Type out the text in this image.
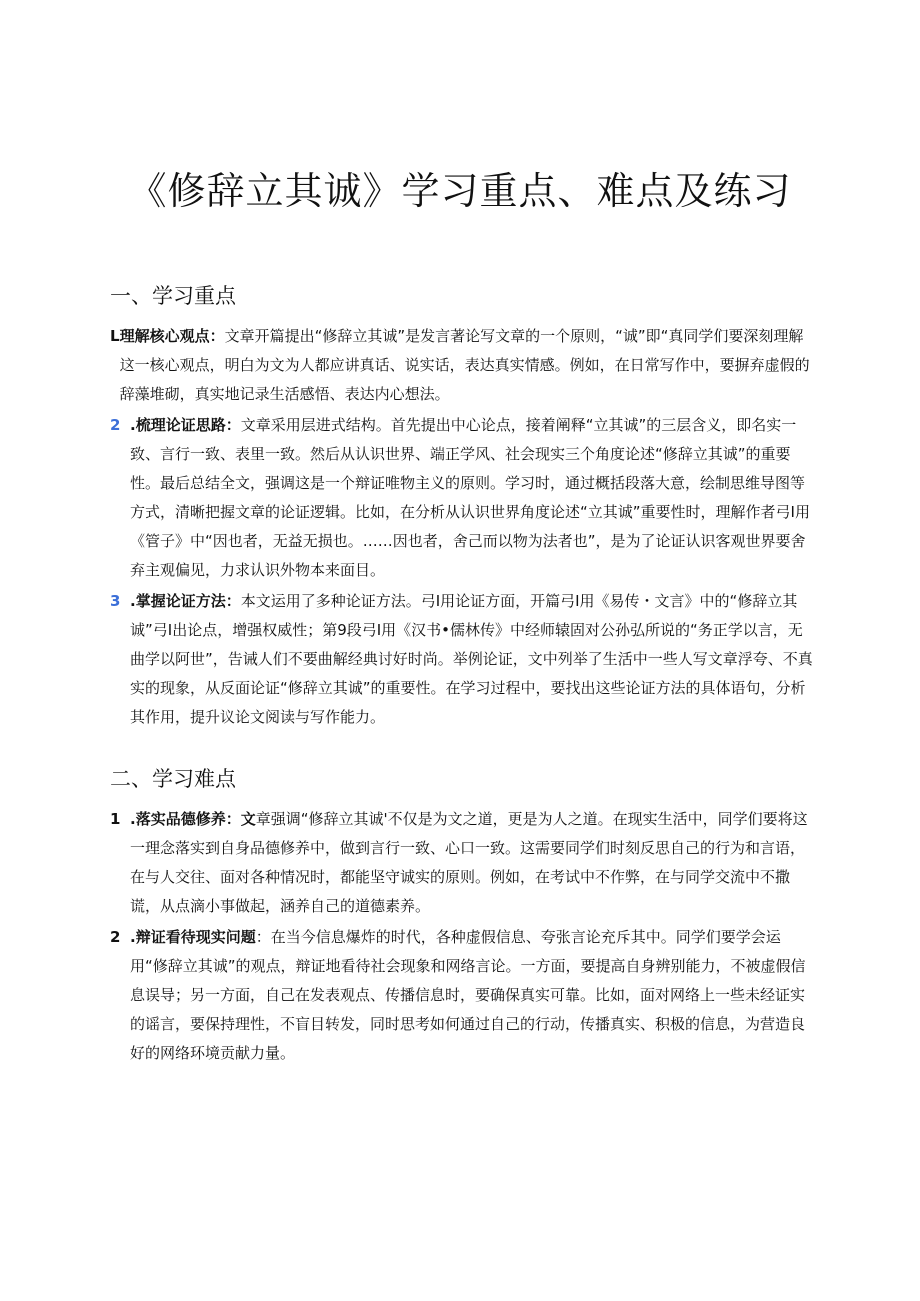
《修辞立其诚》学习重点、难点及练习
一、学习重点
L 理解核心观点：文章开篇提出“修辞立其诚”是发言著论写文章的一个原则，“诚”即“真同学们要深刻理解这一核心观点，明白为文为人都应讲真话、说实话，表达真实情感。例如，在日常写作中，要摒弃虚假的辞藻堆砌，真实地记录生活感悟、表达内心想法。
2 .梳理论证思路：文章采用层进式结构。首先提出中心论点，接着阐释“立其诚”的三层含义，即名实一致、言行一致、表里一致。然后从认识世界、端正学风、社会现实三个角度论述“修辞立其诚”的重要性。最后总结全文，强调这是一个辩证唯物主义的原则。学习时，通过概括段落大意，绘制思维导图等方式，清晰把握文章的论证逻辑。比如，在分析从认识世界角度论述“立其诚”重要性时，理解作者弓I用《管子》中“因也者，无益无损也。……因也者，舍己而以物为法者也”，是为了论证认识客观世界要舍弃主观偏见，力求认识外物本来面目。
3 .掌握论证方法：本文运用了多种论证方法。弓I用论证方面，开篇弓I用《易传・文言》中的“修辞立其诚”弓I出论点，增强权威性；第9段弓I用《汉书•儒林传》中经师辕固对公孙弘所说的“务正学以言，无曲学以阿世”，告诫人们不要曲解经典讨好时尚。举例论证，文中列举了生活中一些人写文章浮夸、不真实的现象，从反面论证“修辞立其诚”的重要性。在学习过程中，要找出这些论证方法的具体语句，分析其作用，提升议论文阅读与写作能力。
二、学习难点
1 .落实品德修养：文章强调“修辞立其诚'不仅是为文之道，更是为人之道。在现实生活中，同学们要将这一理念落实到自身品德修养中，做到言行一致、心口一致。这需要同学们时刻反思自己的行为和言语，在与人交往、面对各种情况时，都能坚守诚实的原则。例如，在考试中不作弊，在与同学交流中不撒谎，从点滴小事做起，涵养自己的道德素养。
2 .辩证看待现实问题：在当今信息爆炸的时代，各种虚假信息、夸张言论充斥其中。同学们要学会运用“修辞立其诚”的观点，辩证地看待社会现象和网络言论。一方面，要提高自身辨别能力，不被虚假信息误导；另一方面，自己在发表观点、传播信息时，要确保真实可靠。比如，面对网络上一些未经证实的谣言，要保持理性，不盲目转发，同时思考如何通过自己的行动，传播真实、积极的信息，为营造良好的网络环境贡献力量。
